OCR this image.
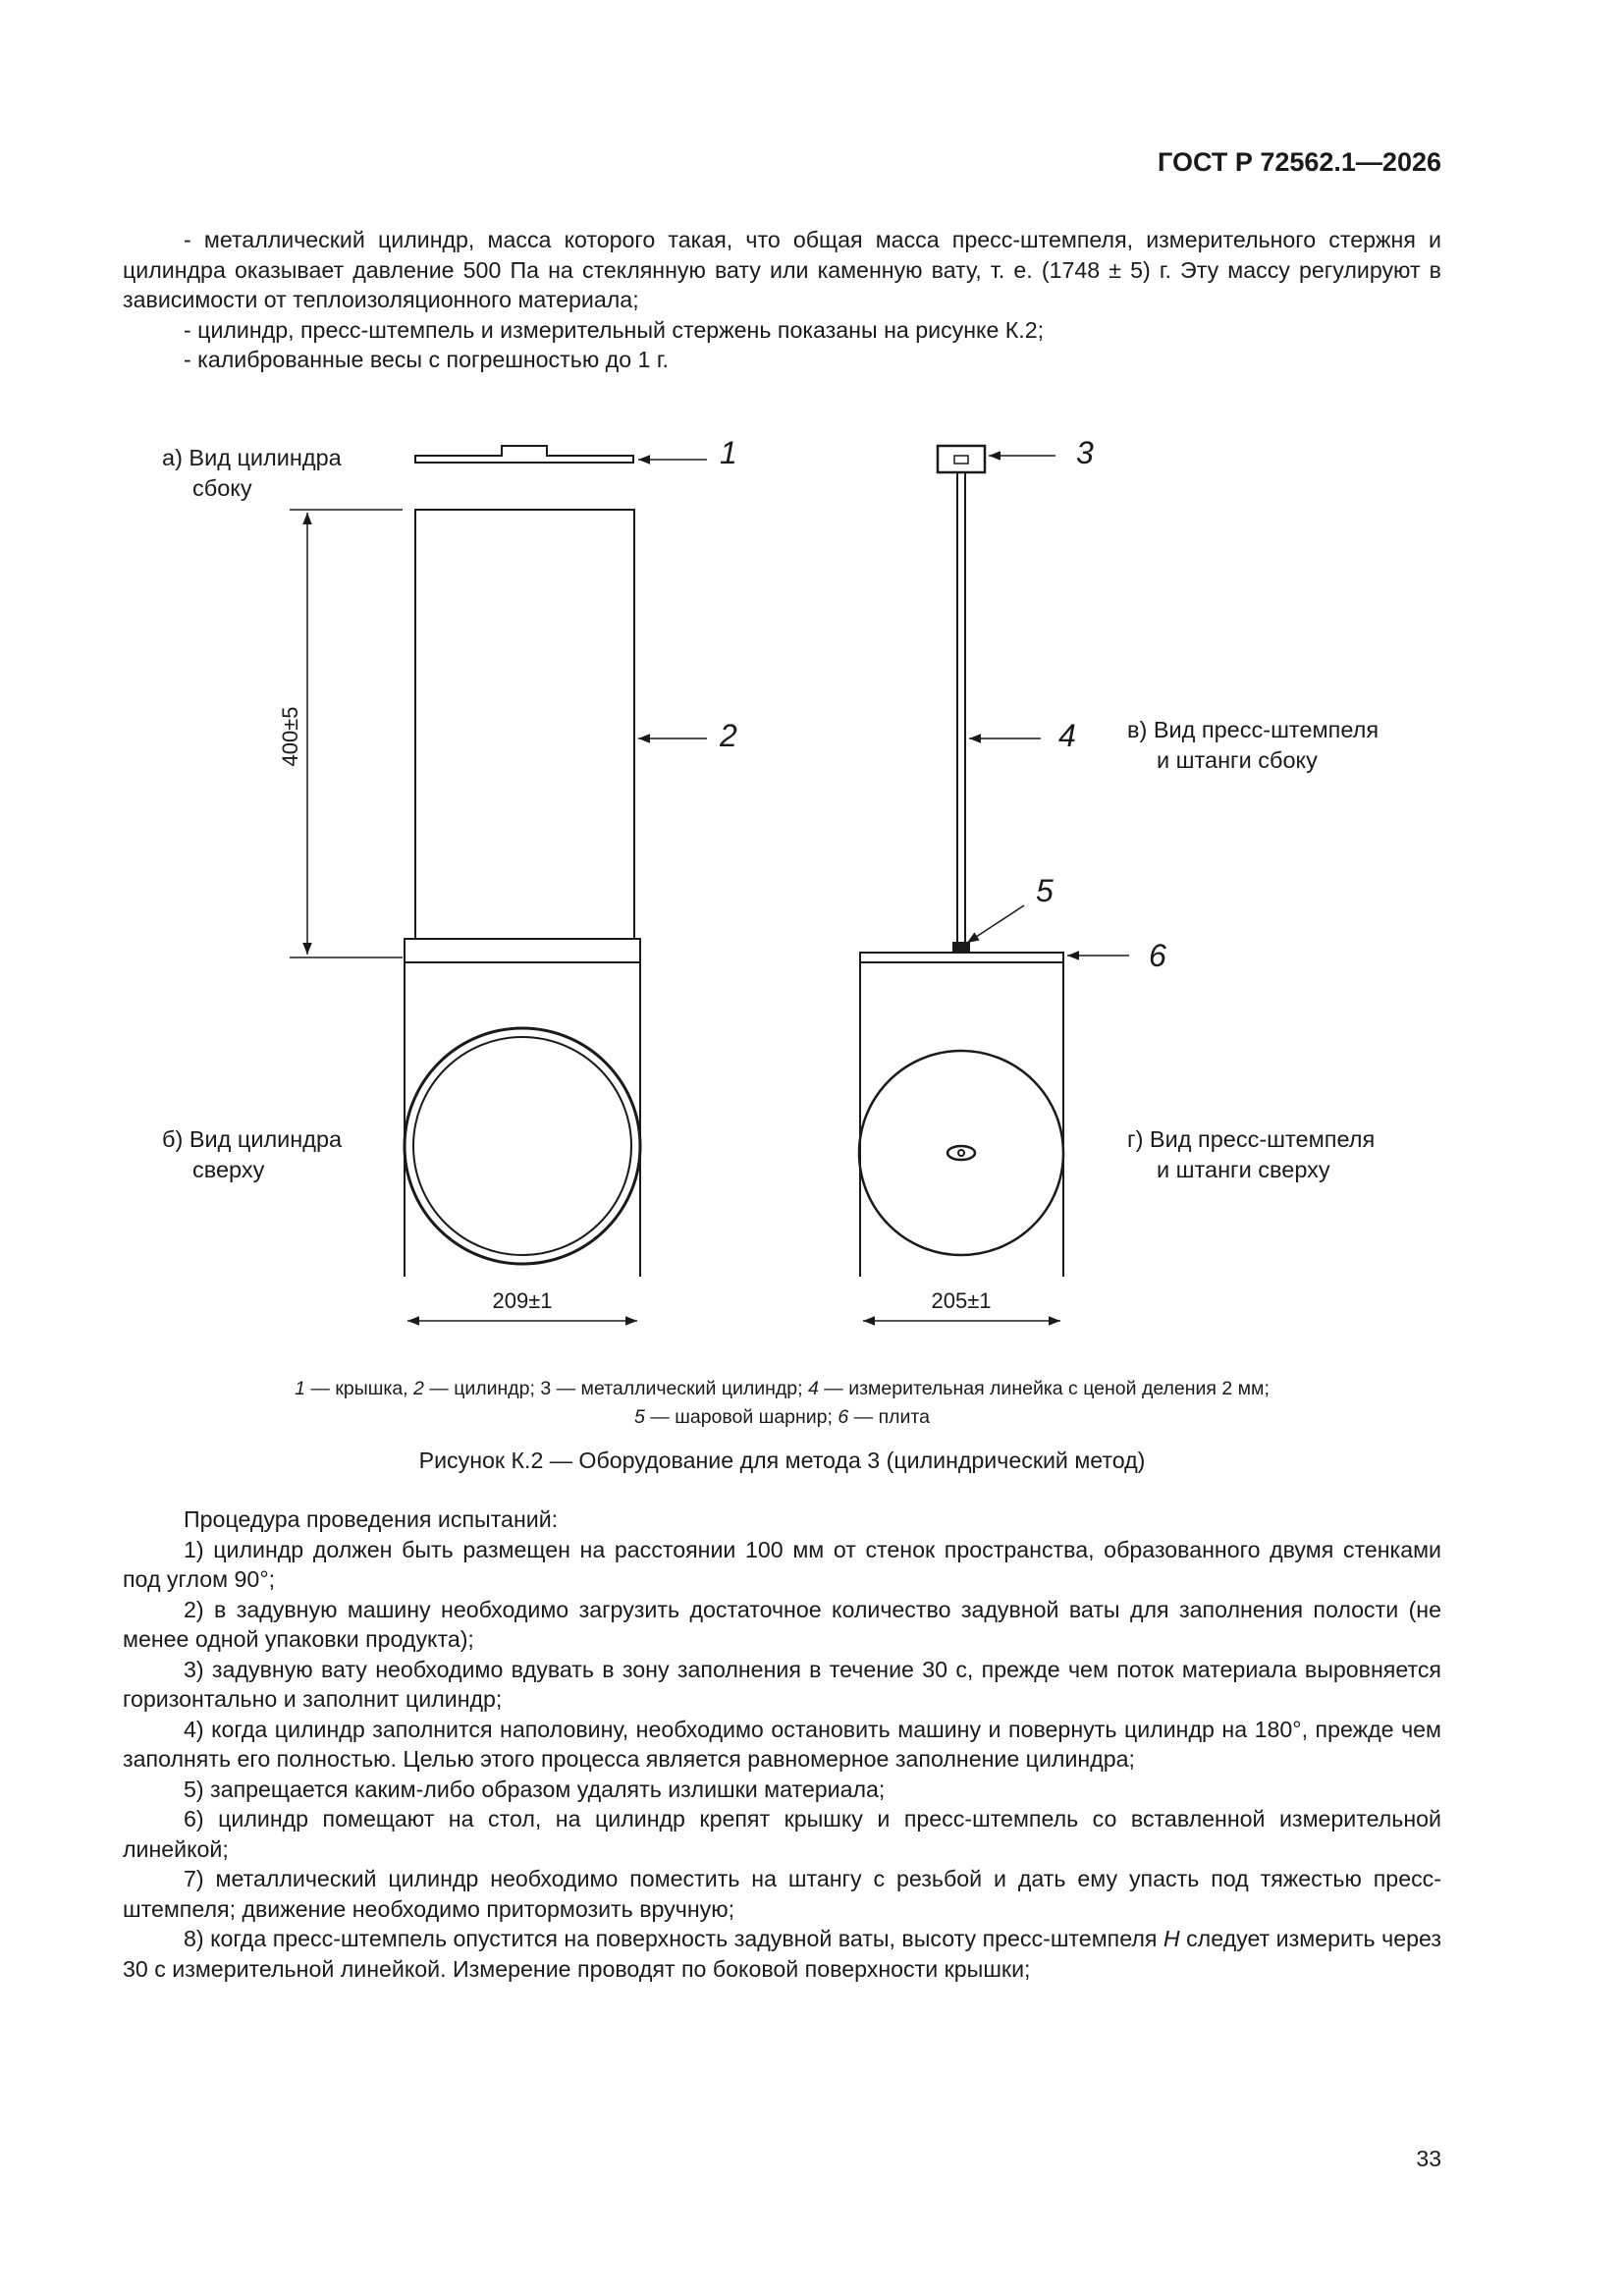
ГОСТ Р 72562.1—2026

- металлический цилиндр, масса которого такая, что общая масса пресс-штемпеля, измерительного стержня и цилиндра оказывает давление 500 Па на стеклянную вату или каменную вату, т. е. (1748 ± 5) г. Эту массу регулируют в зависимости от теплоизоляционного материала;

- цилиндр, пресс-штемпель и измерительный стержень показаны на рисунке К.2;

- калиброванные весы с погрешностью до 1 г.

а) Вид цилиндра
сбоку
б) Вид цилиндра
сверху
в) Вид пресс-штемпеля
и штанги сбоку
г) Вид пресс-штемпеля
и штанги сверху
1
2
3
4
5
6
400±5
209±1	205±1
1 — крышка, 2 — цилиндр; 3 — металлический цилиндр; 4 — измерительная линейка с ценой деления 2 мм;
5 — шаровой шарнир; 6 — плита
Рисунок К.2 — Оборудование для метода 3 (цилиндрический метод)

Процедура проведения испытаний:

1) цилиндр должен быть размещен на расстоянии 100 мм от стенок пространства, образованного двумя стенками под углом 90°;

2) в задувную машину необходимо загрузить достаточное количество задувной ваты для заполнения полости (не менее одной упаковки продукта);

3) задувную вату необходимо вдувать в зону заполнения в течение 30 с, прежде чем поток материала выровняется горизонтально и заполнит цилиндр;

4) когда цилиндр заполнится наполовину, необходимо остановить машину и повернуть цилиндр на 180°, прежде чем заполнять его полностью. Целью этого процесса является равномерное заполнение цилиндра;

5) запрещается каким-либо образом удалять излишки материала;

6) цилиндр помещают на стол, на цилиндр крепят крышку и пресс-штемпель со вставленной измерительной линейкой;

7) металлический цилиндр необходимо поместить на штангу с резьбой и дать ему упасть под тяжестью пресс-штемпеля; движение необходимо притормозить вручную;

8) когда пресс-штемпель опустится на поверхность задувной ваты, высоту пресс-штемпеля H следует измерить через 30 с измерительной линейкой. Измерение проводят по боковой поверхности крышки;

33
